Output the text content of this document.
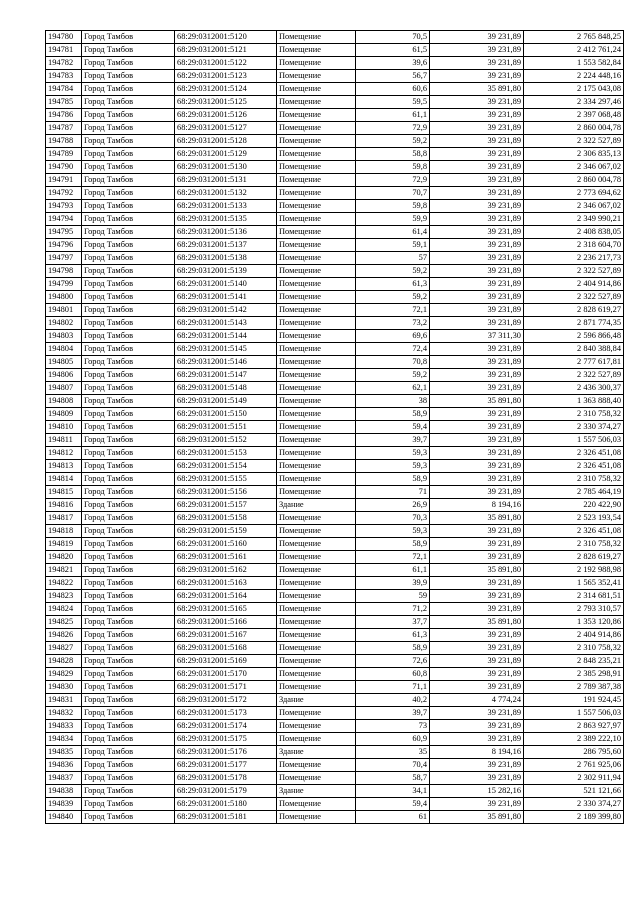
194780	Город Тамбов	68:29:0312001:5120	Помещение	70,5	39 231,89	2 765 848,25
194781	Город Тамбов	68:29:0312001:5121	Помещение	61,5	39 231,89	2 412 761,24
194782	Город Тамбов	68:29:0312001:5122	Помещение	39,6	39 231,89	1 553 582,84
194783	Город Тамбов	68:29:0312001:5123	Помещение	56,7	39 231,89	2 224 448,16
194784	Город Тамбов	68:29:0312001:5124	Помещение	60,6	35 891,80	2 175 043,08
194785	Город Тамбов	68:29:0312001:5125	Помещение	59,5	39 231,89	2 334 297,46
194786	Город Тамбов	68:29:0312001:5126	Помещение	61,1	39 231,89	2 397 068,48
194787	Город Тамбов	68:29:0312001:5127	Помещение	72,9	39 231,89	2 860 004,78
194788	Город Тамбов	68:29:0312001:5128	Помещение	59,2	39 231,89	2 322 527,89
194789	Город Тамбов	68:29:0312001:5129	Помещение	58,8	39 231,89	2 306 835,13
194790	Город Тамбов	68:29:0312001:5130	Помещение	59,8	39 231,89	2 346 067,02
194791	Город Тамбов	68:29:0312001:5131	Помещение	72,9	39 231,89	2 860 004,78
194792	Город Тамбов	68:29:0312001:5132	Помещение	70,7	39 231,89	2 773 694,62
194793	Город Тамбов	68:29:0312001:5133	Помещение	59,8	39 231,89	2 346 067,02
194794	Город Тамбов	68:29:0312001:5135	Помещение	59,9	39 231,89	2 349 990,21
194795	Город Тамбов	68:29:0312001:5136	Помещение	61,4	39 231,89	2 408 838,05
194796	Город Тамбов	68:29:0312001:5137	Помещение	59,1	39 231,89	2 318 604,70
194797	Город Тамбов	68:29:0312001:5138	Помещение	57	39 231,89	2 236 217,73
194798	Город Тамбов	68:29:0312001:5139	Помещение	59,2	39 231,89	2 322 527,89
194799	Город Тамбов	68:29:0312001:5140	Помещение	61,3	39 231,89	2 404 914,86
194800	Город Тамбов	68:29:0312001:5141	Помещение	59,2	39 231,89	2 322 527,89
194801	Город Тамбов	68:29:0312001:5142	Помещение	72,1	39 231,89	2 828 619,27
194802	Город Тамбов	68:29:0312001:5143	Помещение	73,2	39 231,89	2 871 774,35
194803	Город Тамбов	68:29:0312001:5144	Помещение	69,6	37 311,30	2 596 866,48
194804	Город Тамбов	68:29:0312001:5145	Помещение	72,4	39 231,89	2 840 388,84
194805	Город Тамбов	68:29:0312001:5146	Помещение	70,8	39 231,89	2 777 617,81
194806	Город Тамбов	68:29:0312001:5147	Помещение	59,2	39 231,89	2 322 527,89
194807	Город Тамбов	68:29:0312001:5148	Помещение	62,1	39 231,89	2 436 300,37
194808	Город Тамбов	68:29:0312001:5149	Помещение	38	35 891,80	1 363 888,40
194809	Город Тамбов	68:29:0312001:5150	Помещение	58,9	39 231,89	2 310 758,32
194810	Город Тамбов	68:29:0312001:5151	Помещение	59,4	39 231,89	2 330 374,27
194811	Город Тамбов	68:29:0312001:5152	Помещение	39,7	39 231,89	1 557 506,03
194812	Город Тамбов	68:29:0312001:5153	Помещение	59,3	39 231,89	2 326 451,08
194813	Город Тамбов	68:29:0312001:5154	Помещение	59,3	39 231,89	2 326 451,08
194814	Город Тамбов	68:29:0312001:5155	Помещение	58,9	39 231,89	2 310 758,32
194815	Город Тамбов	68:29:0312001:5156	Помещение	71	39 231,89	2 785 464,19
194816	Город Тамбов	68:29:0312001:5157	Здание	26,9	8 194,16	220 422,90
194817	Город Тамбов	68:29:0312001:5158	Помещение	70,3	35 891,80	2 523 193,54
194818	Город Тамбов	68:29:0312001:5159	Помещение	59,3	39 231,89	2 326 451,08
194819	Город Тамбов	68:29:0312001:5160	Помещение	58,9	39 231,89	2 310 758,32
194820	Город Тамбов	68:29:0312001:5161	Помещение	72,1	39 231,89	2 828 619,27
194821	Город Тамбов	68:29:0312001:5162	Помещение	61,1	35 891,80	2 192 988,98
194822	Город Тамбов	68:29:0312001:5163	Помещение	39,9	39 231,89	1 565 352,41
194823	Город Тамбов	68:29:0312001:5164	Помещение	59	39 231,89	2 314 681,51
194824	Город Тамбов	68:29:0312001:5165	Помещение	71,2	39 231,89	2 793 310,57
194825	Город Тамбов	68:29:0312001:5166	Помещение	37,7	35 891,80	1 353 120,86
194826	Город Тамбов	68:29:0312001:5167	Помещение	61,3	39 231,89	2 404 914,86
194827	Город Тамбов	68:29:0312001:5168	Помещение	58,9	39 231,89	2 310 758,32
194828	Город Тамбов	68:29:0312001:5169	Помещение	72,6	39 231,89	2 848 235,21
194829	Город Тамбов	68:29:0312001:5170	Помещение	60,8	39 231,89	2 385 298,91
194830	Город Тамбов	68:29:0312001:5171	Помещение	71,1	39 231,89	2 789 387,38
194831	Город Тамбов	68:29:0312001:5172	Здание	40,2	4 774,24	191 924,45
194832	Город Тамбов	68:29:0312001:5173	Помещение	39,7	39 231,89	1 557 506,03
194833	Город Тамбов	68:29:0312001:5174	Помещение	73	39 231,89	2 863 927,97
194834	Город Тамбов	68:29:0312001:5175	Помещение	60,9	39 231,89	2 389 222,10
194835	Город Тамбов	68:29:0312001:5176	Здание	35	8 194,16	286 795,60
194836	Город Тамбов	68:29:0312001:5177	Помещение	70,4	39 231,89	2 761 925,06
194837	Город Тамбов	68:29:0312001:5178	Помещение	58,7	39 231,89	2 302 911,94
194838	Город Тамбов	68:29:0312001:5179	Здание	34,1	15 282,16	521 121,66
194839	Город Тамбов	68:29:0312001:5180	Помещение	59,4	39 231,89	2 330 374,27
194840	Город Тамбов	68:29:0312001:5181	Помещение	61	35 891,80	2 189 399,80
